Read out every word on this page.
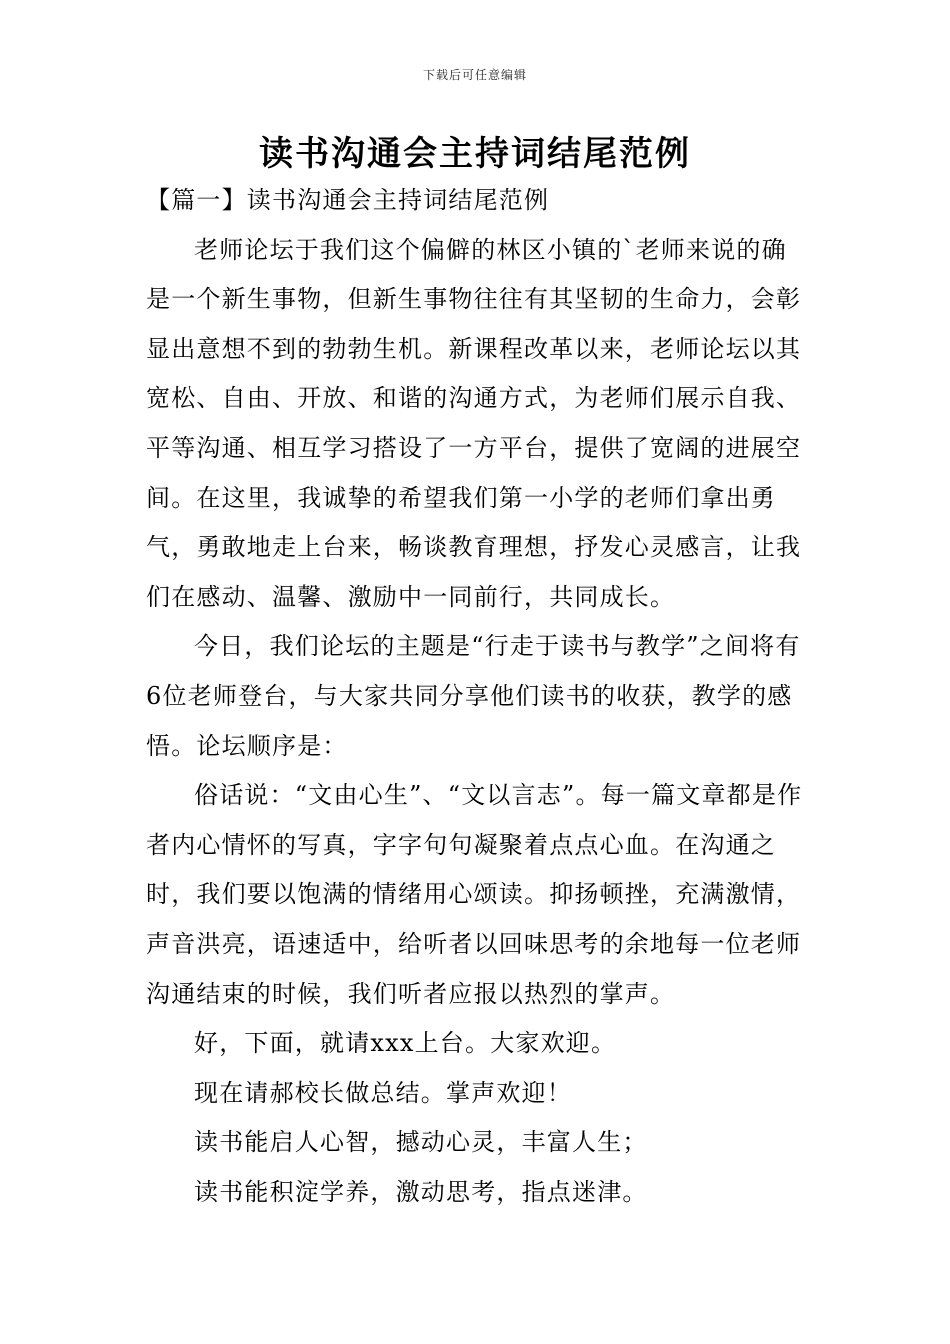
下载后可任意编辑
读书沟通会主持词结尾范例

【篇一】读书沟通会主持词结尾范例

老师论坛于我们这个偏僻的林区小镇的`老师来说的确是一个新生事物，但新生事物往往有其坚韧的生命力，会彰显出意想不到的勃勃生机。新课程改革以来，老师论坛以其宽松、自由、开放、和谐的沟通方式，为老师们展示自我、平等沟通、相互学习搭设了一方平台，提供了宽阔的进展空间。在这里，我诚挚的希望我们第一小学的老师们拿出勇气，勇敢地走上台来，畅谈教育理想，抒发心灵感言，让我们在感动、温馨、激励中一同前行，共同成长。

今日，我们论坛的主题是“行走于读书与教学”之间将有6位老师登台，与大家共同分享他们读书的收获，教学的感悟。论坛顺序是：

俗话说：“文由心生”、“文以言志”。每一篇文章都是作者内心情怀的写真，字字句句凝聚着点点心血。在沟通之时，我们要以饱满的情绪用心颂读。抑扬顿挫，充满激情，声音洪亮，语速适中，给听者以回味思考的余地每一位老师沟通结束的时候，我们听者应报以热烈的掌声。

好，下面，就请xxx上台。大家欢迎。

现在请郝校长做总结。掌声欢迎！

读书能启人心智，撼动心灵，丰富人生；

读书能积淀学养，激动思考，指点迷津。
